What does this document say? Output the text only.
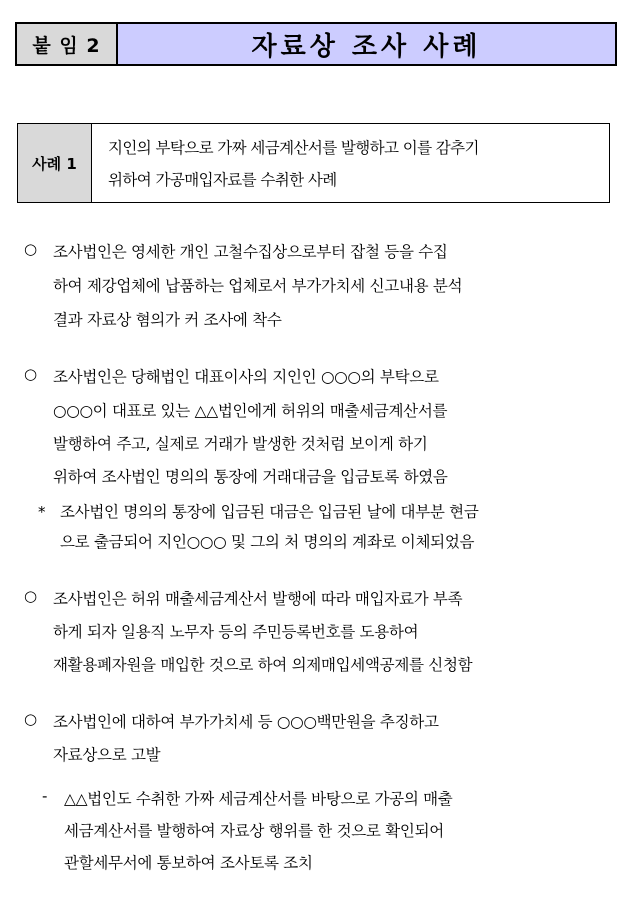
붙 임 2	자료상 조사 사례
사례 1
지인의 부탁으로 가짜 세금계산서를 발행하고 이를 감추기
위하여 가공매입자료를 수취한 사례
○ 조사법인은 영세한 개인 고철수집상으로부터 잡철 등을 수집
하여 제강업체에 납품하는 업체로서 부가가치세 신고내용 분석
결과 자료상 혐의가 커 조사에 착수
○ 조사법인은 당해법인 대표이사의 지인인 ○○○의 부탁으로
○○○이 대표로 있는 △△법인에게 허위의 매출세금계산서를
발행하여 주고, 실제로 거래가 발생한 것처럼 보이게 하기
위하여 조사법인 명의의 통장에 거래대금을 입금토록 하였음
* 조사법인 명의의 통장에 입금된 대금은 입금된 날에 대부분 현금
으로 출금되어 지인○○○ 및 그의 처 명의의 계좌로 이체되었음
○ 조사법인은 허위 매출세금계산서 발행에 따라 매입자료가 부족
하게 되자 일용직 노무자 등의 주민등록번호를 도용하여
재활용폐자원을 매입한 것으로 하여 의제매입세액공제를 신청함
○ 조사법인에 대하여 부가가치세 등 ○○○백만원을 추징하고
자료상으로 고발
- △△법인도 수취한 가짜 세금계산서를 바탕으로 가공의 매출
세금계산서를 발행하여 자료상 행위를 한 것으로 확인되어
관할세무서에 통보하여 조사토록 조치
